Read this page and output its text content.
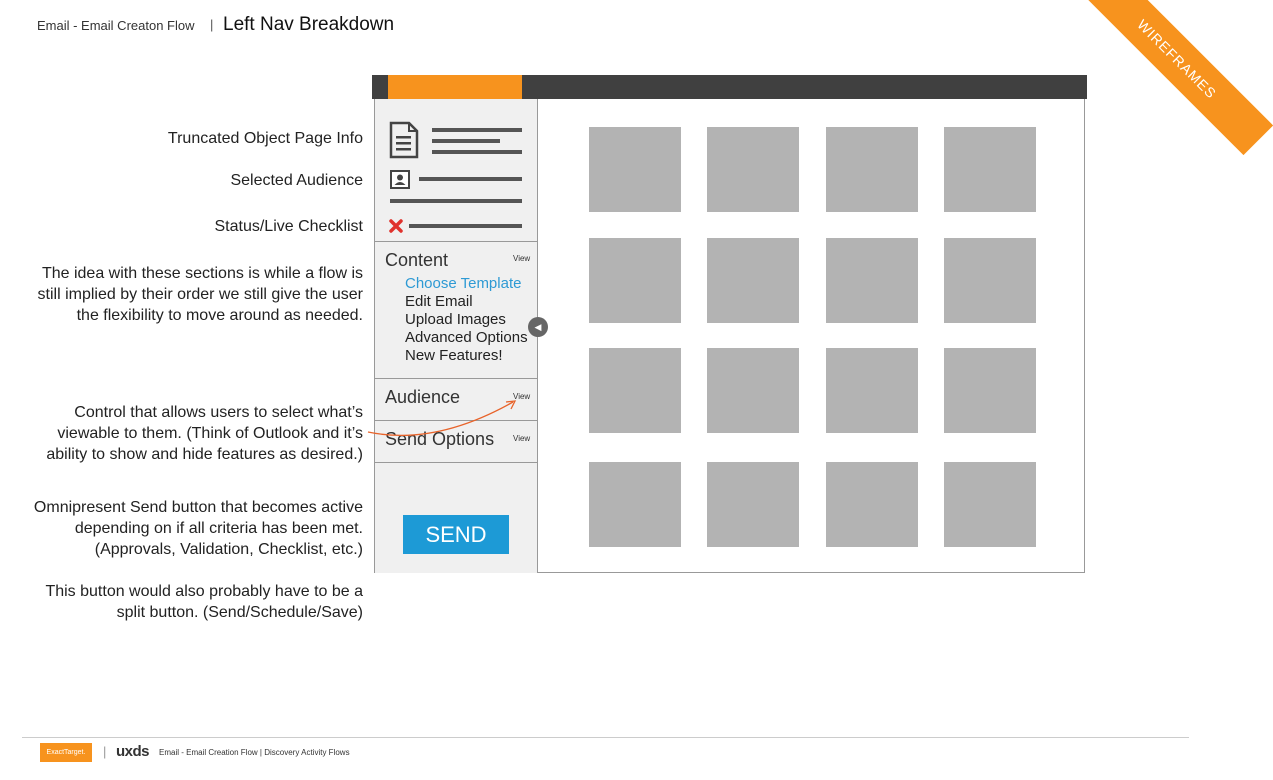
Email - Email Creaton Flow | Left Nav Breakdown	WIREFRAMES
Truncated Object Page Info
Selected Audience
Status/Live Checklist
The idea with these sections is while a flow is still implied by their order we still give the user the flexibility to move around as needed.
Control that allows users to select what’s viewable to them. (Think of Outlook and it’s ability to show and hide features as desired.)
Omnipresent Send button that becomes active depending on if all criteria has been met. (Approvals, Validation, Checklist, etc.)
This button would also probably have to be a split button. (Send/Schedule/Save)
Content	View
Choose Template
Edit Email
Upload Images
Advanced Options
New Features!
◀
Audience	View
Send Options View
SEND
ExactTarget.	| uxds Email - Email Creation Flow | Discovery Activity Flows
